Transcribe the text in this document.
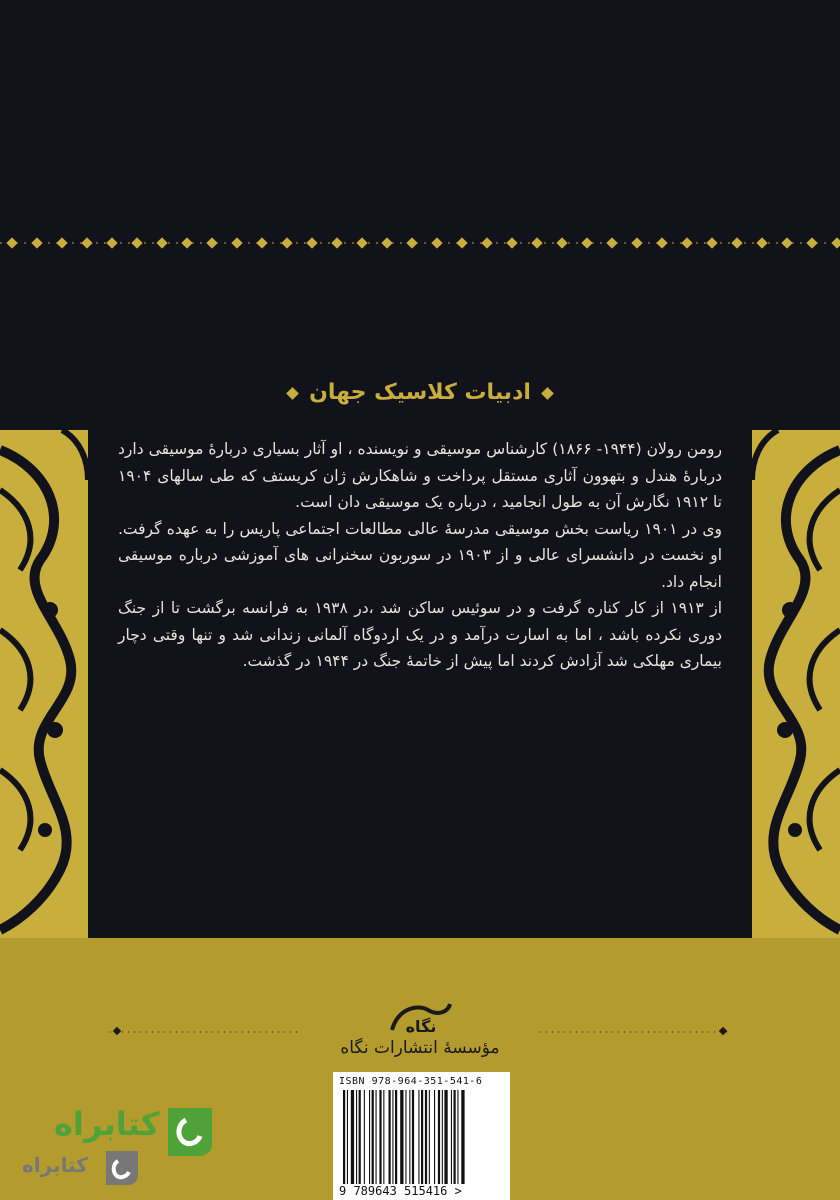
ادبیات کلاسیک جهان

رومن رولان (۱۹۴۴- ۱۸۶۶) کارشناس موسیقی و نویسنده ، او آثار بسیاری دربارهٔ موسیقی دارد دربارهٔ هندل و بتهوون آثاری مستقل پرداخت و شاهکارش ژان کریستف که طی سالهای ۱۹۰۴ تا ۱۹۱۲ نگارش آن به طول انجامید ، درباره یک موسیقی دان است.

وی در ۱۹۰۱ ریاست بخش موسیقی مدرسهٔ عالی مطالعات اجتماعی پاریس را به عهده گرفت. او نخست در دانشسرای عالی و از ۱۹۰۳ در سوربون سخنرانی های آموزشی درباره موسیقی انجام داد.

از ۱۹۱۳ از کار کناره گرفت و در سوئیس ساکن شد ،در ۱۹۳۸ به فرانسه برگشت تا از جنگ دوری نکرده باشد ، اما به اسارت درآمد و در یک اردوگاه آلمانی زندانی شد و تنها وقتی دچار بیماری مهلکی شد آزادش کردند اما پیش از خاتمهٔ جنگ در ۱۹۴۴ در گذشت.

نگاه
مؤسسهٔ انتشارات نگاه
ISBN 978-964-351-541-6
9 789643 515416 >
کتابراه
کتابراه
